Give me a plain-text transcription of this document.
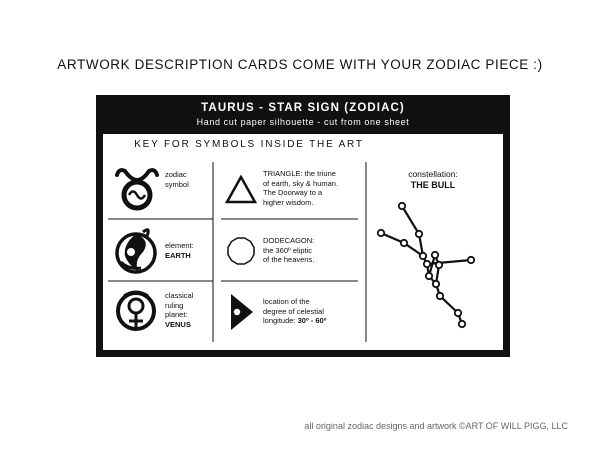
ARTWORK DESCRIPTION CARDS COME WITH YOUR ZODIAC PIECE :)
TAURUS - STAR SIGN (ZODIAC)
Hand cut paper silhouette - cut from one sheet
KEY FOR SYMBOLS INSIDE THE ART
zodiac
symbol
element:
EARTH
classical
ruling
planet:
VENUS
TRIANGLE: the triune
of earth, sky & human.
The Doorway to a
higher wisdom.
DODECAGON:
the 360º eliptic
of the heavens.
location of the
degree of celestial
longitude: 30º - 60º
constellation:
THE BULL
all original zodiac designs and artwork ©ART OF WILL PIGG, LLC
